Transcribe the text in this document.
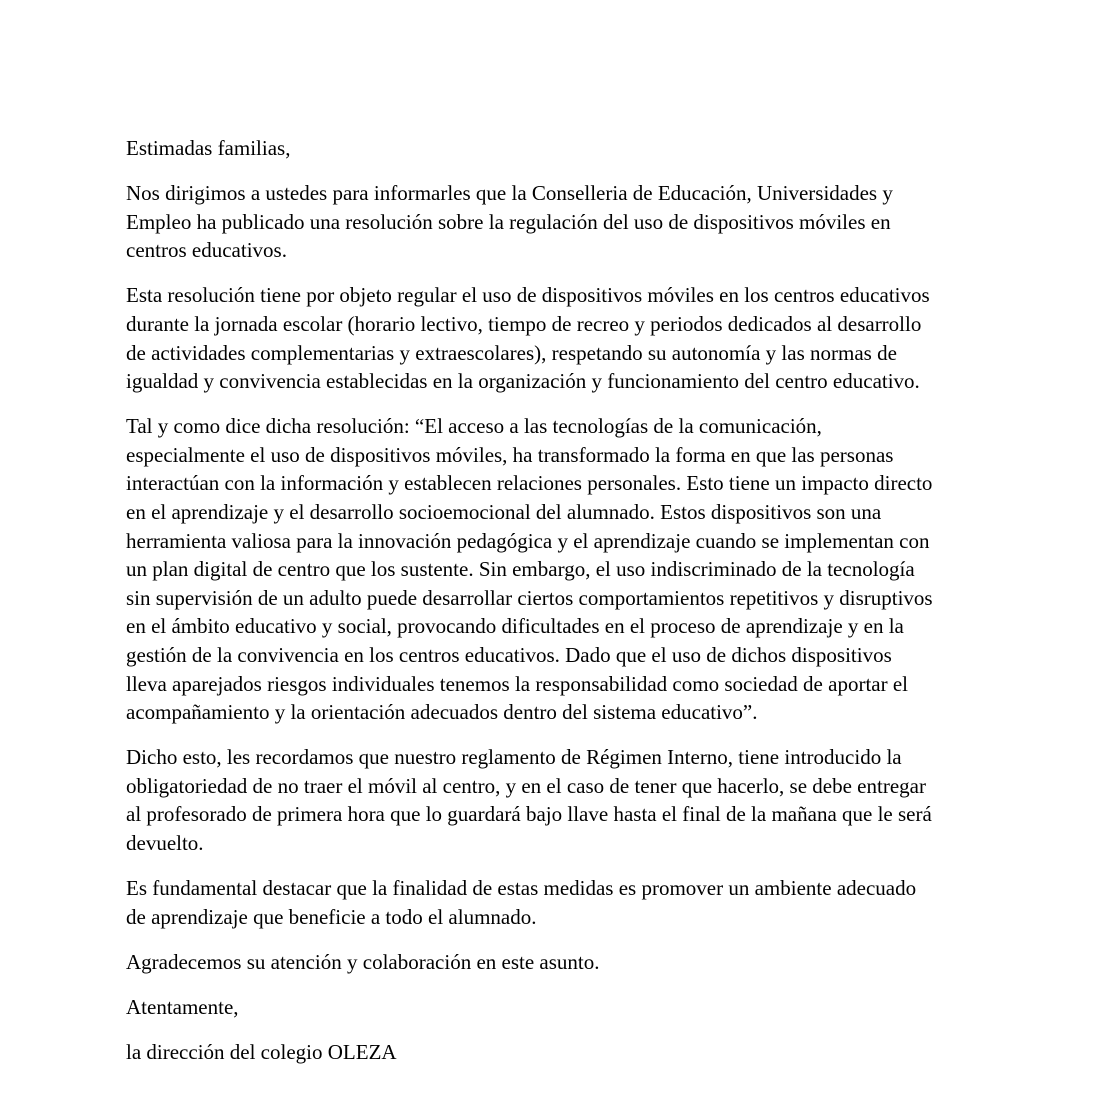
Estimadas familias,

Nos dirigimos a ustedes para informarles que la Conselleria de Educación, Universidades y
Empleo ha publicado una resolución sobre la regulación del uso de dispositivos móviles en
centros educativos.

Esta resolución tiene por objeto regular el uso de dispositivos móviles en los centros educativos
durante la jornada escolar (horario lectivo, tiempo de recreo y periodos dedicados al desarrollo
de actividades complementarias y extraescolares), respetando su autonomía y las normas de
igualdad y convivencia establecidas en la organización y funcionamiento del centro educativo.

Tal y como dice dicha resolución: “El acceso a las tecnologías de la comunicación,
especialmente el uso de dispositivos móviles, ha transformado la forma en que las personas
interactúan con la información y establecen relaciones personales. Esto tiene un impacto directo
en el aprendizaje y el desarrollo socioemocional del alumnado. Estos dispositivos son una
herramienta valiosa para la innovación pedagógica y el aprendizaje cuando se implementan con
un plan digital de centro que los sustente. Sin embargo, el uso indiscriminado de la tecnología
sin supervisión de un adulto puede desarrollar ciertos comportamientos repetitivos y disruptivos
en el ámbito educativo y social, provocando dificultades en el proceso de aprendizaje y en la
gestión de la convivencia en los centros educativos. Dado que el uso de dichos dispositivos
lleva aparejados riesgos individuales tenemos la responsabilidad como sociedad de aportar el
acompañamiento y la orientación adecuados dentro del sistema educativo”.

Dicho esto, les recordamos que nuestro reglamento de Régimen Interno, tiene introducido la
obligatoriedad de no traer el móvil al centro, y en el caso de tener que hacerlo, se debe entregar
al profesorado de primera hora que lo guardará bajo llave hasta el final de la mañana que le será
devuelto.

Es fundamental destacar que la finalidad de estas medidas es promover un ambiente adecuado
de aprendizaje que beneficie a todo el alumnado.

Agradecemos su atención y colaboración en este asunto.

Atentamente,

la dirección del colegio OLEZA
